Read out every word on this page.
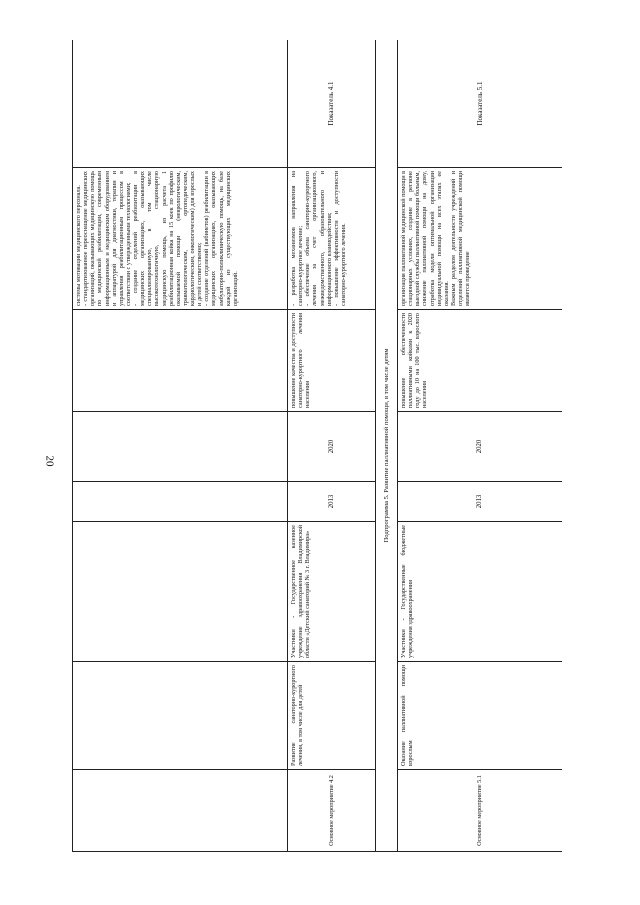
20

						системы мотивации медицинского персонала. - стандартизованное переоснащение медицинских организаций, оказывающих медицинскую помощь по медицинской реабилитации, современным информационным и медицинским оборудованием и аппаратурой для диагностики, терапии и управления реабилитационным процессом в соответствии с утвержденными технологиями; - создание отделений реабилитации в медицинских организациях, оказывающих специализированную, в том числе высокотехнологичную, стационарную медицинскую помощь, из расчета 1 реабилитационная койка на 15 коек по профилю оказываемой помощи (неврологическим, травматологическим, ортопедическим, кардиологическим, онкологическим) для взрослых и детей соответственно; - создание отделений (кабинетов) реабилитации в медицинских организациях, оказывающих амбулаторно-поликлиническую помощь, на базе каждой из существующих медицинских организаций.	

Основное мероприятие 4.2	Развитие санаторно-курортного лечения, в том числе для детей	Участники - Государственное казенное учреждение здравоохранения Владимирской области «Детский санаторий № 3 г. Владимира»	2013	2020	повышение качества и доступности санаторно-курортного лечения населения	- разработка механизмов направления на санаторно-курортное лечение; - обеспечение объема санаторно-курортного лечения за счет организационного, межведомственного, образовательного и информационного взаимодействия; - повышение эффективности и доступности санаторно-курортного лечения.	Показатель 4.1
Подпрограмма 5. Развитие паллиативной помощи, в том числе детям							
Основное мероприятие 5.1	Оказание паллиативной помощи взрослым	Участники - Государственные бюджетные учреждения здравоохранения	2013	2020	повышение обеспеченности паллиативными койками к 2020 году до 10 на 100 тыс. взрослого населения	организация паллиативной медицинской помощи в стационарных условиях, создание в регионе выездной службы паллиативной помощи больным, снижение паллиативной помощи на дому, отработка модели оптимальной организации индивидуальной помощи на всех этапах ее оказания. Важным разделом деятельности учреждений и отделений паллиативной медицинской помощи является проведение	Показатель 5.1
